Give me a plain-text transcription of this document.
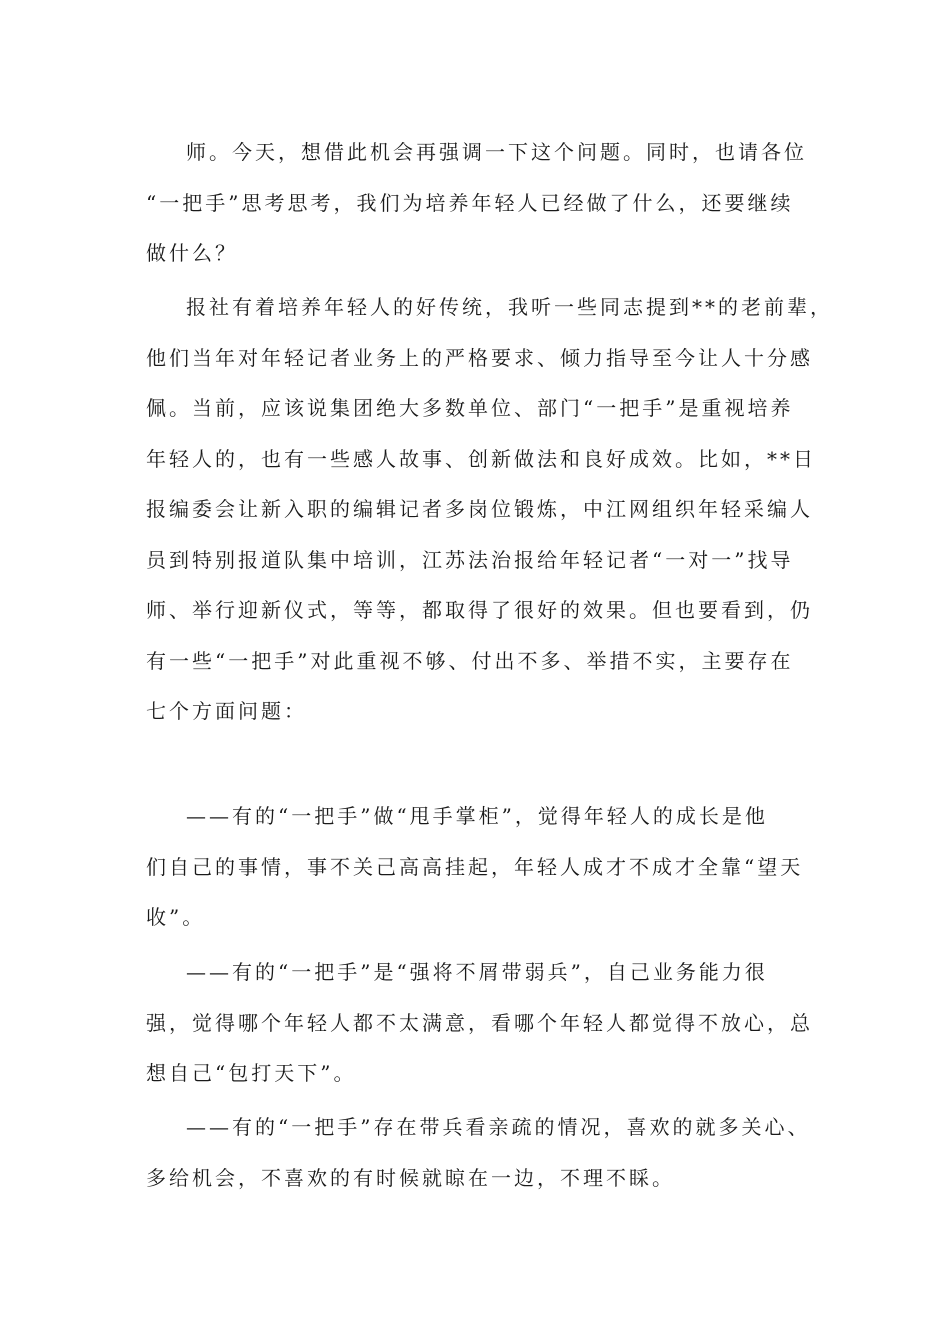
师。今天，想借此机会再强调一下这个问题。同时，也请各位
“一把手”思考思考，我们为培养年轻人已经做了什么，还要继续
做什么？
报社有着培养年轻人的好传统，我听一些同志提到**的老前辈，
他们当年对年轻记者业务上的严格要求、倾力指导至今让人十分感
佩。当前，应该说集团绝大多数单位、部门“一把手”是重视培养
年轻人的，也有一些感人故事、创新做法和良好成效。比如，**日
报编委会让新入职的编辑记者多岗位锻炼，中江网组织年轻采编人
员到特别报道队集中培训，江苏法治报给年轻记者“一对一”找导
师、举行迎新仪式，等等，都取得了很好的效果。但也要看到，仍
有一些“一把手”对此重视不够、付出不多、举措不实，主要存在
七个方面问题：
——有的“一把手”做“甩手掌柜”，觉得年轻人的成长是他
们自己的事情，事不关己高高挂起，年轻人成才不成才全靠“望天
收”。
——有的“一把手”是“强将不屑带弱兵”，自己业务能力很
强，觉得哪个年轻人都不太满意，看哪个年轻人都觉得不放心，总
想自己“包打天下”。
——有的“一把手”存在带兵看亲疏的情况，喜欢的就多关心、
多给机会，不喜欢的有时候就晾在一边，不理不睬。
